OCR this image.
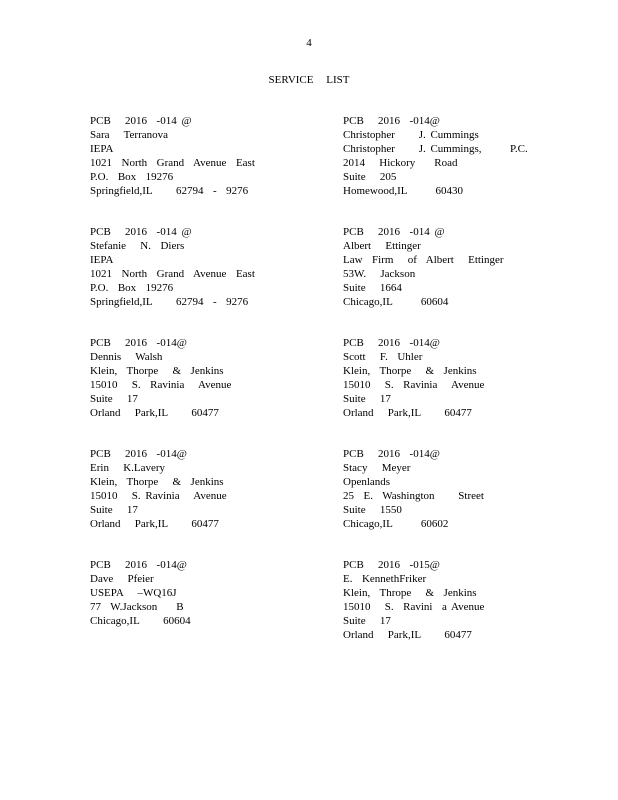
4
SERVICE LIST
PCB   2016  -014 @
Sara   Terranova
IEPA
1021  North  Grand  Avenue  East
P.O.  Box  19276
Springfield,IL     62794  -  9276
PCB   2016  -014 @
Stefanie   N.  Diers
IEPA
1021  North  Grand  Avenue  East
P.O.  Box  19276
Springfield,IL     62794  -  9276
PCB   2016  -014@
Dennis   Walsh
Klein,  Thorpe   &  Jenkins
15010   S.  Ravinia   Avenue
Suite   17
Orland   Park,IL     60477
PCB   2016  -014@
Erin   K.Lavery
Klein,  Thorpe   &  Jenkins
15010   S. Ravinia   Avenue
Suite   17
Orland   Park,IL     60477
PCB   2016  -014@
Dave   Pfeier
USEPA   –WQ16J
77  W.Jackson    B
Chicago,IL     60604
PCB   2016  -014@
Christopher     J. Cummings
Christopher     J. Cummings,      P.C.
2014   Hickory    Road
Suite   205
Homewood,IL      60430
PCB   2016  -014 @
Albert   Ettinger
Law  Firm   of  Albert   Ettinger
53W.   Jackson
Suite   1664
Chicago,IL      60604
PCB   2016  -014@
Scott   F.  Uhler
Klein,  Thorpe   &  Jenkins
15010   S.  Ravinia   Avenue
Suite   17
Orland   Park,IL     60477
PCB   2016  -014@
Stacy   Meyer
Openlands
25  E.  Washington     Street
Suite   1550
Chicago,IL      60602
PCB   2016  -015@
E.  KennethFriker
Klein,  Thrope   &  Jenkins
15010   S.  Ravini  a Avenue
Suite   17
Orland   Park,IL     60477
